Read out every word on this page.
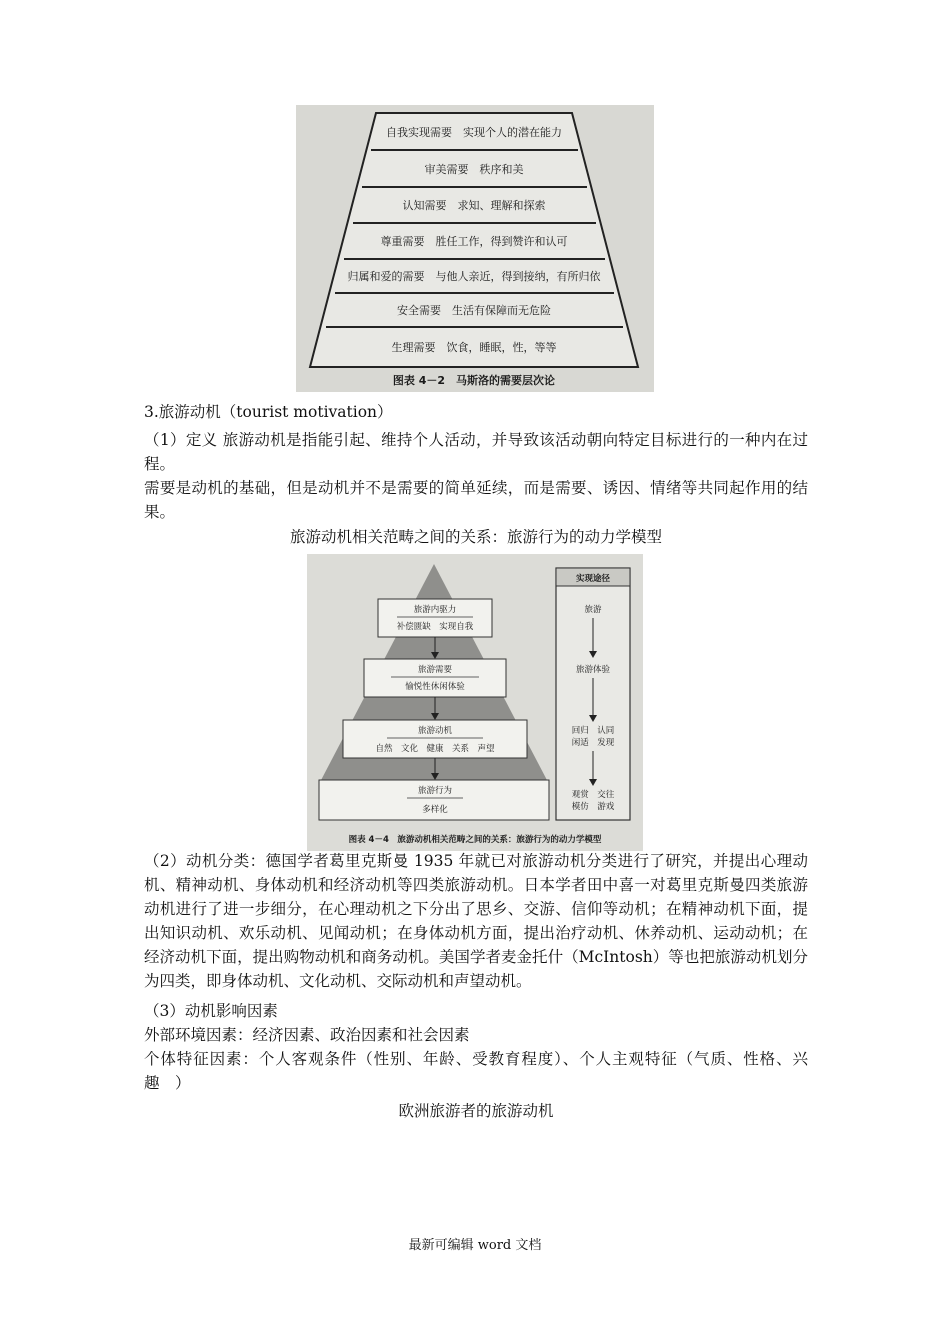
自我实现需要　实现个人的潜在能力
审美需要　秩序和美
认知需要　求知、理解和探索
尊重需要　胜任工作，得到赞许和认可
归属和爱的需要　与他人亲近，得到接纳，有所归依
安全需要　生活有保障而无危险
生理需要　饮食，睡眠，性，等等
图表 4－2　马斯洛的需要层次论

3.旅游动机（tourist motivation）

（1）定义 旅游动机是指能引起、维持个人活动，并导致该活动朝向特定目标进行的一种内在过程。

需要是动机的基础，但是动机并不是需要的简单延续，而是需要、诱因、情绪等共同起作用的结果。

旅游动机相关范畴之间的关系：旅游行为的动力学模型

旅游内驱力
补偿匮缺　实现自我
旅游需要
愉悦性休闲体验
旅游动机
自然　文化　健康　关系　声望
旅游行为
多样化
实现途径
旅游
旅游体验
回归　认同
闲适　发现
观赏　交往
模仿　游戏
图表 4－4　旅游动机相关范畴之间的关系：旅游行为的动力学模型

（2）动机分类：德国学者葛里克斯曼 1935 年就已对旅游动机分类进行了研究，并提出心理动机、精神动机、身体动机和经济动机等四类旅游动机。日本学者田中喜一对葛里克斯曼四类旅游动机进行了进一步细分，在心理动机之下分出了思乡、交游、信仰等动机；在精神动机下面，提出知识动机、欢乐动机、见闻动机；在身体动机方面，提出治疗动机、休养动机、运动动机；在经济动机下面，提出购物动机和商务动机。美国学者麦金托什（McIntosh）等也把旅游动机划分为四类，即身体动机、文化动机、交际动机和声望动机。

（3）动机影响因素

外部环境因素：经济因素、政治因素和社会因素

个体特征因素：个人客观条件（性别、年龄、受教育程度）、个人主观特征（气质、性格、兴趣　）

欧洲旅游者的旅游动机

最新可编辑 word 文档
